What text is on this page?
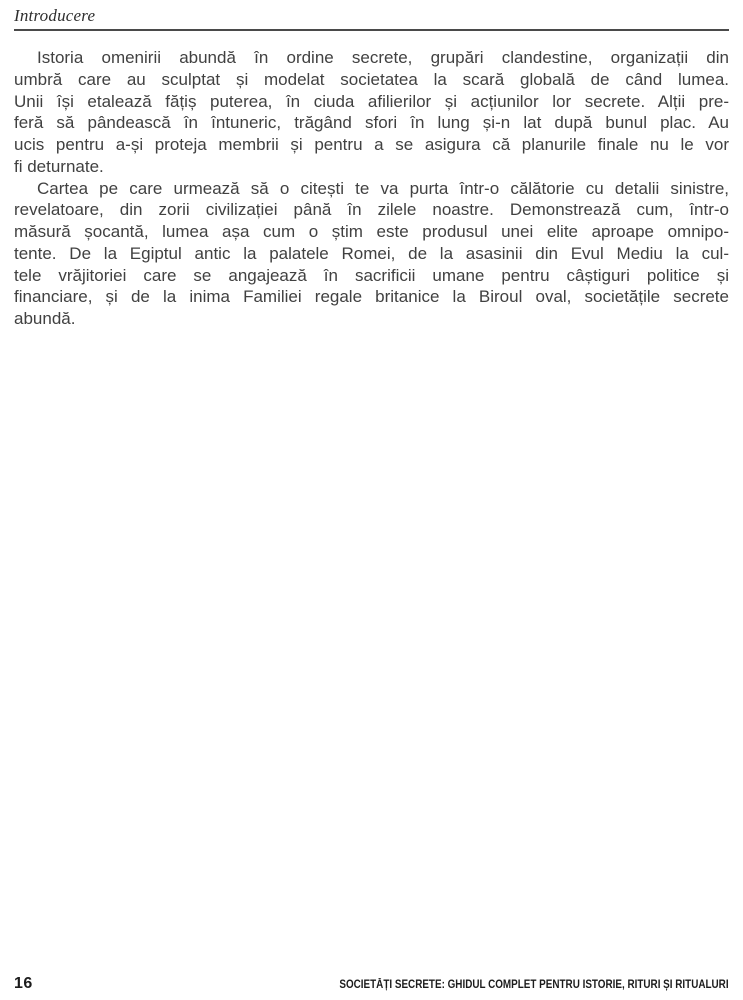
Introducere
Istoria omenirii abundă în ordine secrete, grupări clandestine, organizații din
umbră care au sculptat și modelat societatea la scară globală de când lumea.
Unii își etalează fățiș puterea, în ciuda afilierilor și acțiunilor lor secrete. Alții pre-
feră să pândească în întuneric, trăgând sfori în lung și-n lat după bunul plac. Au
ucis pentru a-și proteja membrii și pentru a se asigura că planurile finale nu le vor
fi deturnate.
Cartea pe care urmează să o citești te va purta într-o călătorie cu detalii sinistre,
revelatoare, din zorii civilizației până în zilele noastre. Demonstrează cum, într-o
măsură șocantă, lumea așa cum o știm este produsul unei elite aproape omnipo-
tente. De la Egiptul antic la palatele Romei, de la asasinii din Evul Mediu la cul-
tele vrăjitoriei care se angajează în sacrificii umane pentru câștiguri politice și
financiare, și de la inima Familiei regale britanice la Biroul oval, societățile secrete
abundă.
16	SOCIETĂȚI SECRETE: GHIDUL COMPLET PENTRU ISTORIE, RITURI ȘI RITUALURI
